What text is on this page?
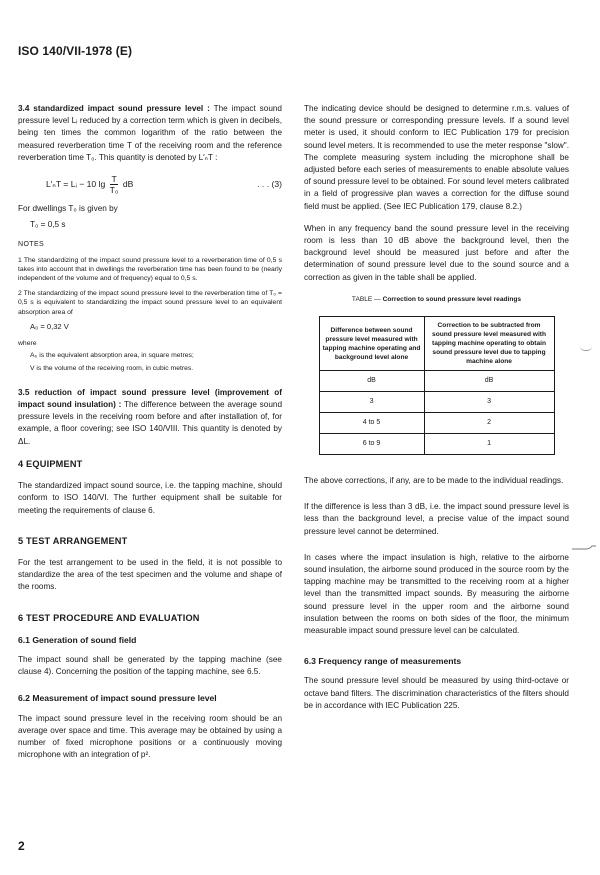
ISO 140/VII-1978 (E)

3.4 standardized impact sound pressure level : The impact sound pressure level Lᵢ reduced by a correction term which is given in decibels, being ten times the common logarithm of the ratio between the measured reverberation time T of the receiving room and the reference reverberation time T₀. This quantity is denoted by L′ₙT :

L′ₙT = Lᵢ − 10 $\lg \frac{T}{\text{T₀}}$ dB	. . . (3)

For dwellings T₀ is given by

T₀ = 0,5 s
NOTES

1 The standardizing of the impact sound pressure level to a reverberation time of 0,5 s takes into account that in dwellings the reverberation time has been found to be (nearly independent of the volume and of frequency) equal to 0,5 s.

2 The standardizing of the impact sound pressure level to the reverberation time of T₀ = 0,5 s is equivalent to standardizing the impact sound pressure level to an equivalent absorption area of

A₀ = 0,32 V
where
A₀ is the equivalent absorption area, in square metres;
V is the volume of the receiving room, in cubic metres.

3.5 reduction of impact sound pressure level (improvement of impact sound insulation) : The difference between the average sound pressure levels in the receiving room before and after installation of, for example, a floor covering; see ISO 140/VIII. This quantity is denoted by ΔL.

4 EQUIPMENT

The standardized impact sound source, i.e. the tapping machine, should conform to ISO 140/VI. The further equipment shall be suitable for meeting the requirements of clause 6.

5 TEST ARRANGEMENT

For the test arrangement to be used in the field, it is not possible to standardize the area of the test specimen and the volume and shape of the rooms.

6 TEST PROCEDURE AND EVALUATION
6.1 Generation of sound field

The impact sound shall be generated by the tapping machine (see clause 4). Concerning the position of the tapping machine, see 6.5.

6.2 Measurement of impact sound pressure level

The impact sound pressure level in the receiving room should be an average over space and time. This average may be obtained by using a number of fixed microphone positions or a continuously moving microphone with an integration of p².

The indicating device should be designed to determine r.m.s. values of the sound pressure or corresponding pressure levels. If a sound level meter is used, it should conform to IEC Publication 179 for precision sound level meters. It is recommended to use the meter response "slow". The complete measuring system including the microphone shall be adjusted before each series of measurements to enable absolute values of sound pressure level to be obtained. For sound level meters calibrated in a field of progressive plan waves a correction for the diffuse sound field must be applied. (See IEC Publication 179, clause 8.2.)

When in any frequency band the sound pressure level in the receiving room is less than 10 dB above the background level, then the background level should be measured just before and after the determination of sound pressure level due to the sound source and a correction as given in the table shall be applied.

TABLE — Correction to sound pressure level readings
Difference between sound pressure level measured with tapping machine operating and background level alone	Correction to be subtracted from sound pressure level measured with tapping machine operating to obtain sound pressure level due to tapping machine alone
dB	dB
3	3
4 to 5	2
6 to 9	1

The above corrections, if any, are to be made to the individual readings.

If the difference is less than 3 dB, i.e. the impact sound pressure level is less than the background level, a precise value of the impact sound pressure level cannot be determined.

In cases where the impact insulation is high, relative to the airborne sound insulation, the airborne sound produced in the source room by the tapping machine may be transmitted to the receiving room at a higher level than the transmitted impact sounds. By measuring the airborne sound pressure level in the upper room and the airborne sound insulation between the rooms on both sides of the floor, the minimum measurable impact sound pressure level can be calculated.

6.3 Frequency range of measurements

The sound pressure level should be measured by using third-octave or octave band filters. The discrimination characteristics of the filters should be in accordance with IEC Publication 225.

2
